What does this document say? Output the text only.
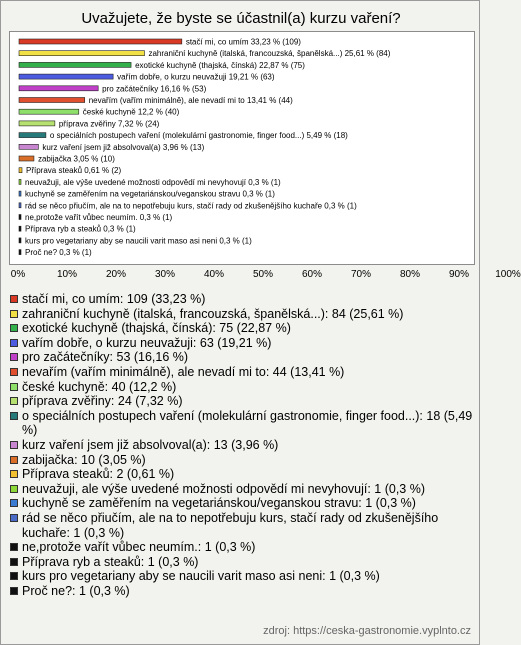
Uvažujete, že byste se účastnil(a) kurzu vaření?
stačí mi, co umím 33,23 % (109)
zahraniční kuchyně (italská, francouzská, španělská...) 25,61 % (84)
exotické kuchyně (thajská, čínská) 22,87 % (75)
vařím dobře, o kurzu neuvažuji 19,21 % (63)
pro začátečníky 16,16 % (53)
nevařím (vařím minimálně), ale nevadí mi to 13,41 % (44)
české kuchyně 12,2 % (40)
příprava zvěřiny 7,32 % (24)
o speciálních postupech vaření (molekulární gastronomie, finger food...) 5,49 % (18)
kurz vaření jsem již absolvoval(a) 3,96 % (13)
zabijačka 3,05 % (10)
Příprava steaků 0,61 % (2)
neuvažuji, ale výše uvedené možnosti odpovědí mi nevyhovují 0,3 % (1)
kuchyně se zaměřením na vegetariánskou/veganskou stravu 0,3 % (1)
rád se něco přiučím, ale na to nepotřebuju kurs, stačí rady od zkušenějšího kuchaře 0,3 % (1)
ne,protože vařít vůbec neumím. 0,3 % (1)
Příprava ryb a steaků 0,3 % (1)
kurs pro vegetariany aby se naucili varit maso asi neni 0,3 % (1)
Proč ne? 0,3 % (1)
0%	10%	20%	30%	40%	50%	60%	70%	80%	90%	100%
stačí mi, co umím: 109 (33,23 %)
zahraniční kuchyně (italská, francouzská, španělská...): 84 (25,61 %)
exotické kuchyně (thajská, čínská): 75 (22,87 %)
vařím dobře, o kurzu neuvažuji: 63 (19,21 %)
pro začátečníky: 53 (16,16 %)
nevařím (vařím minimálně), ale nevadí mi to: 44 (13,41 %)
české kuchyně: 40 (12,2 %)
příprava zvěřiny: 24 (7,32 %)
o speciálních postupech vaření (molekulární gastronomie, finger food...): 18 (5,49 %)
kurz vaření jsem již absolvoval(a): 13 (3,96 %)
zabijačka: 10 (3,05 %)
Příprava steaků: 2 (0,61 %)
neuvažuji, ale výše uvedené možnosti odpovědí mi nevyhovují: 1 (0,3 %)
kuchyně se zaměřením na vegetariánskou/veganskou stravu: 1 (0,3 %)
rád se něco přiučím, ale na to nepotřebuju kurs, stačí rady od zkušenějšího kuchaře: 1 (0,3 %)
ne,protože vařít vůbec neumím.: 1 (0,3 %)
Příprava ryb a steaků: 1 (0,3 %)
kurs pro vegetariany aby se naucili varit maso asi neni: 1 (0,3 %)
Proč ne?: 1 (0,3 %)
zdroj: https://ceska-gastronomie.vyplnto.cz
